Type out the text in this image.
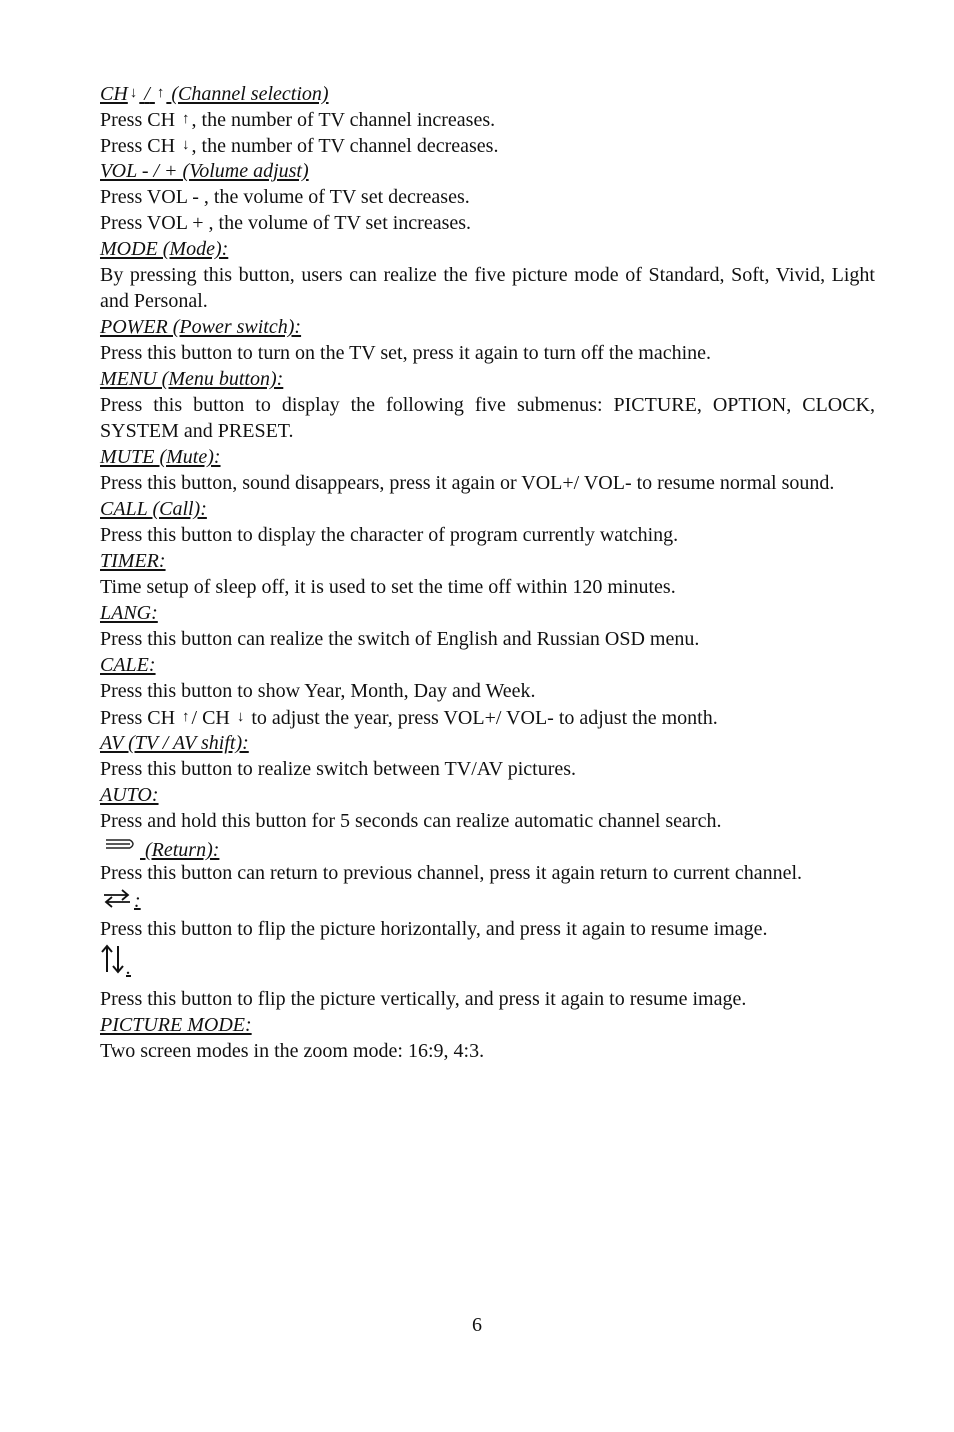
CH ↓ / ↑ (Channel selection)
Press CH ↑ , the number of TV channel increases.
Press CH ↓ , the number of TV channel decreases.
VOL - / + (Volume adjust)
Press VOL - , the volume of TV set decreases.
Press VOL + , the volume of TV set increases.
MODE (Mode):
By pressing this button, users can realize the five picture mode of Standard, Soft, Vivid, Light and Personal.
POWER (Power switch):
Press this button to turn on the TV set, press it again to turn off the machine.
MENU (Menu button):
Press this button to display the following five submenus: PICTURE, OPTION, CLOCK, SYSTEM and PRESET.
MUTE (Mute):
Press this button, sound disappears, press it again or VOL+/ VOL- to resume normal sound.
CALL (Call):
Press this button to display the character of program currently watching.
TIMER:
Time setup of sleep off, it is used to set the time off within 120 minutes.
LANG:
Press this button can realize the switch of English and Russian OSD menu.
CALE:
Press this button to show Year, Month, Day and Week.
Press CH ↑ / CH ↓ to adjust the year, press VOL+/ VOL- to adjust the month.
AV (TV / AV shift):
Press this button to realize switch between TV/AV pictures.
AUTO:
Press and hold this button for 5 seconds can realize automatic channel search.
(Return):
Press this button can return to previous channel, press it again return to current channel.
:
Press this button to flip the picture horizontally, and press it again to resume image.
.
Press this button to flip the picture vertically, and press it again to resume image.
PICTURE MODE:
Two screen modes in the zoom mode: 16:9, 4:3.
6
